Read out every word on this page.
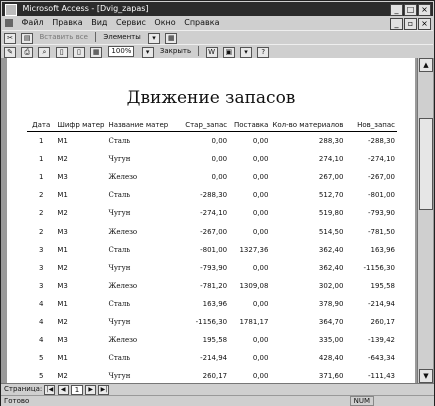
Microsoft Access - [Dvig_zapas]	_ □ ×
Файл Правка Вид Сервис Окно Справка	_ ▫ ×
✂ ▤ Вставить все Элементы ▾ ▦
✎ ⎙ ⌕ ▯ ▯ ▦ 100% ▾ Закрыть W ▣ ▾ ?
Движение запасов
Дата	Шифр матер	Название матер	Стар_запас	Поставка	Кол-во материалов	Нов_запас
1	М1	Сталь	0,00	0,00	288,30	-288,30
1	М2	Чугун	0,00	0,00	274,10	-274,10
1	М3	Железо	0,00	0,00	267,00	-267,00
2	М1	Сталь	-288,30	0,00	512,70	-801,00
2	М2	Чугун	-274,10	0,00	519,80	-793,90
2	М3	Железо	-267,00	0,00	514,50	-781,50
3	М1	Сталь	-801,00	1327,36	362,40	163,96
3	М2	Чугун	-793,90	0,00	362,40	-1156,30
3	М3	Железо	-781,20	1309,08	302,00	195,58
4	М1	Сталь	163,96	0,00	378,90	-214,94
4	М2	Чугун	-1156,30	1781,17	364,70	260,17
4	М3	Железо	195,58	0,00	335,00	-139,42
5	М1	Сталь	-214,94	0,00	428,40	-643,34
5	М2	Чугун	260,17	0,00	371,60	-111,43

▲
▼
Страница: |◀ ◀ 1 ▶ ▶|
Готово	NUM
